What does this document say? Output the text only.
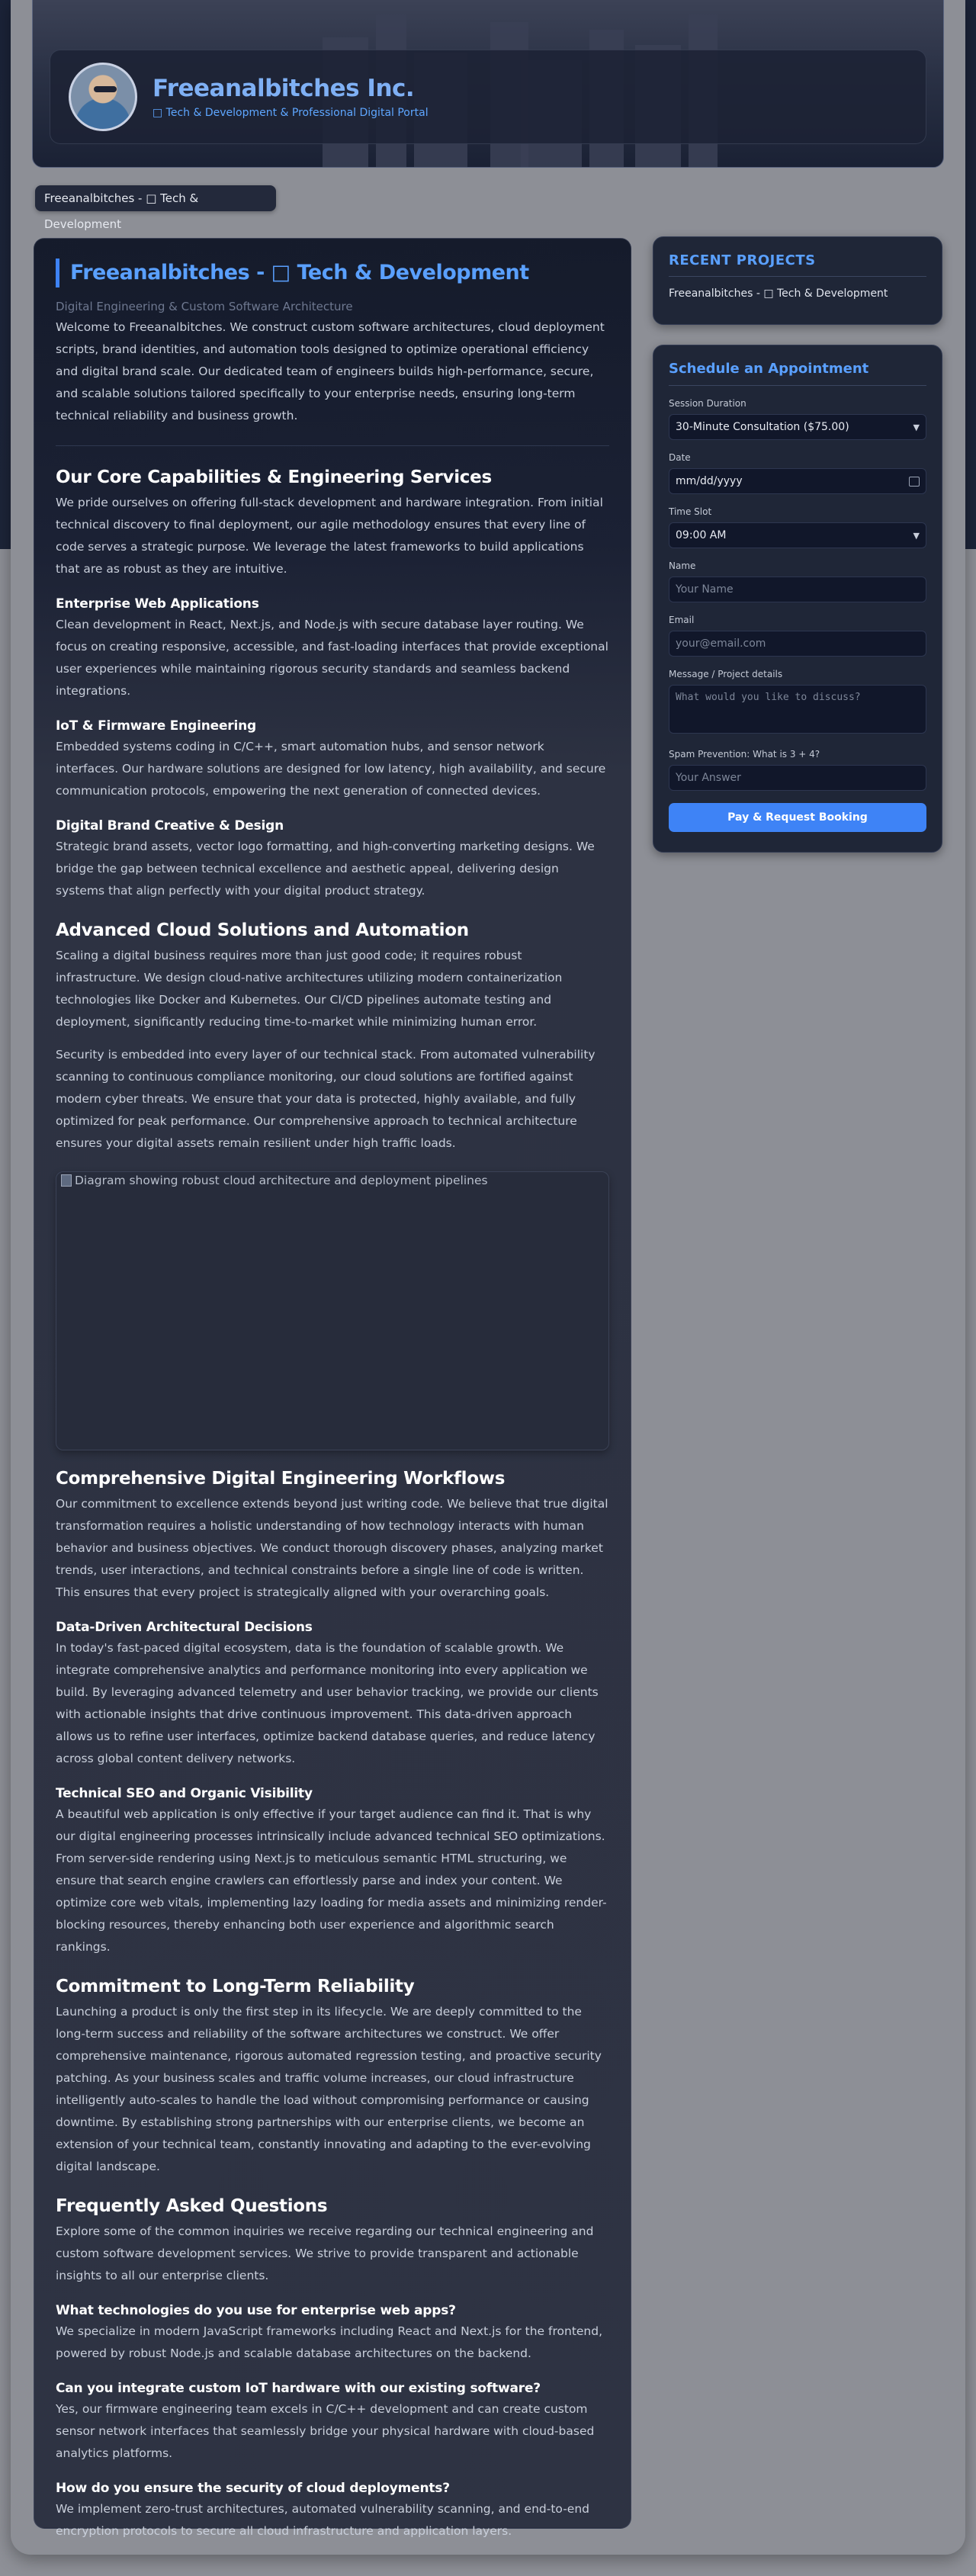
Freeanalbitches Inc.
□ Tech & Development & Professional Digital Portal
Freeanalbitches - □ Tech & Development
Freeanalbitches - □ Tech & Development
Digital Engineering & Custom Software Architecture

Welcome to Freeanalbitches. We construct custom software architectures, cloud deployment scripts, brand identities, and automation tools designed to optimize operational efficiency and digital brand scale. Our dedicated team of engineers builds high-performance, secure, and scalable solutions tailored specifically to your enterprise needs, ensuring long-term technical reliability and business growth.

Our Core Capabilities & Engineering Services

We pride ourselves on offering full-stack development and hardware integration. From initial technical discovery to final deployment, our agile methodology ensures that every line of code serves a strategic purpose. We leverage the latest frameworks to build applications that are as robust as they are intuitive.

Enterprise Web Applications

Clean development in React, Next.js, and Node.js with secure database layer routing. We focus on creating responsive, accessible, and fast-loading interfaces that provide exceptional user experiences while maintaining rigorous security standards and seamless backend integrations.

IoT & Firmware Engineering

Embedded systems coding in C/C++, smart automation hubs, and sensor network interfaces. Our hardware solutions are designed for low latency, high availability, and secure communication protocols, empowering the next generation of connected devices.

Digital Brand Creative & Design

Strategic brand assets, vector logo formatting, and high-converting marketing designs. We bridge the gap between technical excellence and aesthetic appeal, delivering design systems that align perfectly with your digital product strategy.

Advanced Cloud Solutions and Automation

Scaling a digital business requires more than just good code; it requires robust infrastructure. We design cloud-native architectures utilizing modern containerization technologies like Docker and Kubernetes. Our CI/CD pipelines automate testing and deployment, significantly reducing time-to-market while minimizing human error.

Security is embedded into every layer of our technical stack. From automated vulnerability scanning to continuous compliance monitoring, our cloud solutions are fortified against modern cyber threats. We ensure that your data is protected, highly available, and fully optimized for peak performance. Our comprehensive approach to technical architecture ensures your digital assets remain resilient under high traffic loads.

Diagram showing robust cloud architecture and deployment pipelines
Comprehensive Digital Engineering Workflows

Our commitment to excellence extends beyond just writing code. We believe that true digital transformation requires a holistic understanding of how technology interacts with human behavior and business objectives. We conduct thorough discovery phases, analyzing market trends, user interactions, and technical constraints before a single line of code is written. This ensures that every project is strategically aligned with your overarching goals.

Data-Driven Architectural Decisions

In today's fast-paced digital ecosystem, data is the foundation of scalable growth. We integrate comprehensive analytics and performance monitoring into every application we build. By leveraging advanced telemetry and user behavior tracking, we provide our clients with actionable insights that drive continuous improvement. This data-driven approach allows us to refine user interfaces, optimize backend database queries, and reduce latency across global content delivery networks.

Technical SEO and Organic Visibility

A beautiful web application is only effective if your target audience can find it. That is why our digital engineering processes intrinsically include advanced technical SEO optimizations. From server-side rendering using Next.js to meticulous semantic HTML structuring, we ensure that search engine crawlers can effortlessly parse and index your content. We optimize core web vitals, implementing lazy loading for media assets and minimizing render-blocking resources, thereby enhancing both user experience and algorithmic search rankings.

Commitment to Long-Term Reliability

Launching a product is only the first step in its lifecycle. We are deeply committed to the long-term success and reliability of the software architectures we construct. We offer comprehensive maintenance, rigorous automated regression testing, and proactive security patching. As your business scales and traffic volume increases, our cloud infrastructure intelligently auto-scales to handle the load without compromising performance or causing downtime. By establishing strong partnerships with our enterprise clients, we become an extension of your technical team, constantly innovating and adapting to the ever-evolving digital landscape.

Frequently Asked Questions

Explore some of the common inquiries we receive regarding our technical engineering and custom software development services. We strive to provide transparent and actionable insights to all our enterprise clients.

What technologies do you use for enterprise web apps?

We specialize in modern JavaScript frameworks including React and Next.js for the frontend, powered by robust Node.js and scalable database architectures on the backend.

Can you integrate custom IoT hardware with our existing software?

Yes, our firmware engineering team excels in C/C++ development and can create custom sensor network interfaces that seamlessly bridge your physical hardware with cloud-based analytics platforms.

How do you ensure the security of cloud deployments?

We implement zero-trust architectures, automated vulnerability scanning, and end-to-end encryption protocols to secure all cloud infrastructure and application layers.

RECENT PROJECTS
Freeanalbitches - □ Tech & Development
Schedule an Appointment
Session Duration
30-Minute Consultation ($75.00)	▼
Date
mm/dd/yyyy
Time Slot
09:00 AM	▼
Name
Your Name
Email
your@email.com
Message / Project details
What would you like to discuss?
Spam Prevention: What is 3 + 4?
Your Answer
Pay & Request Booking
